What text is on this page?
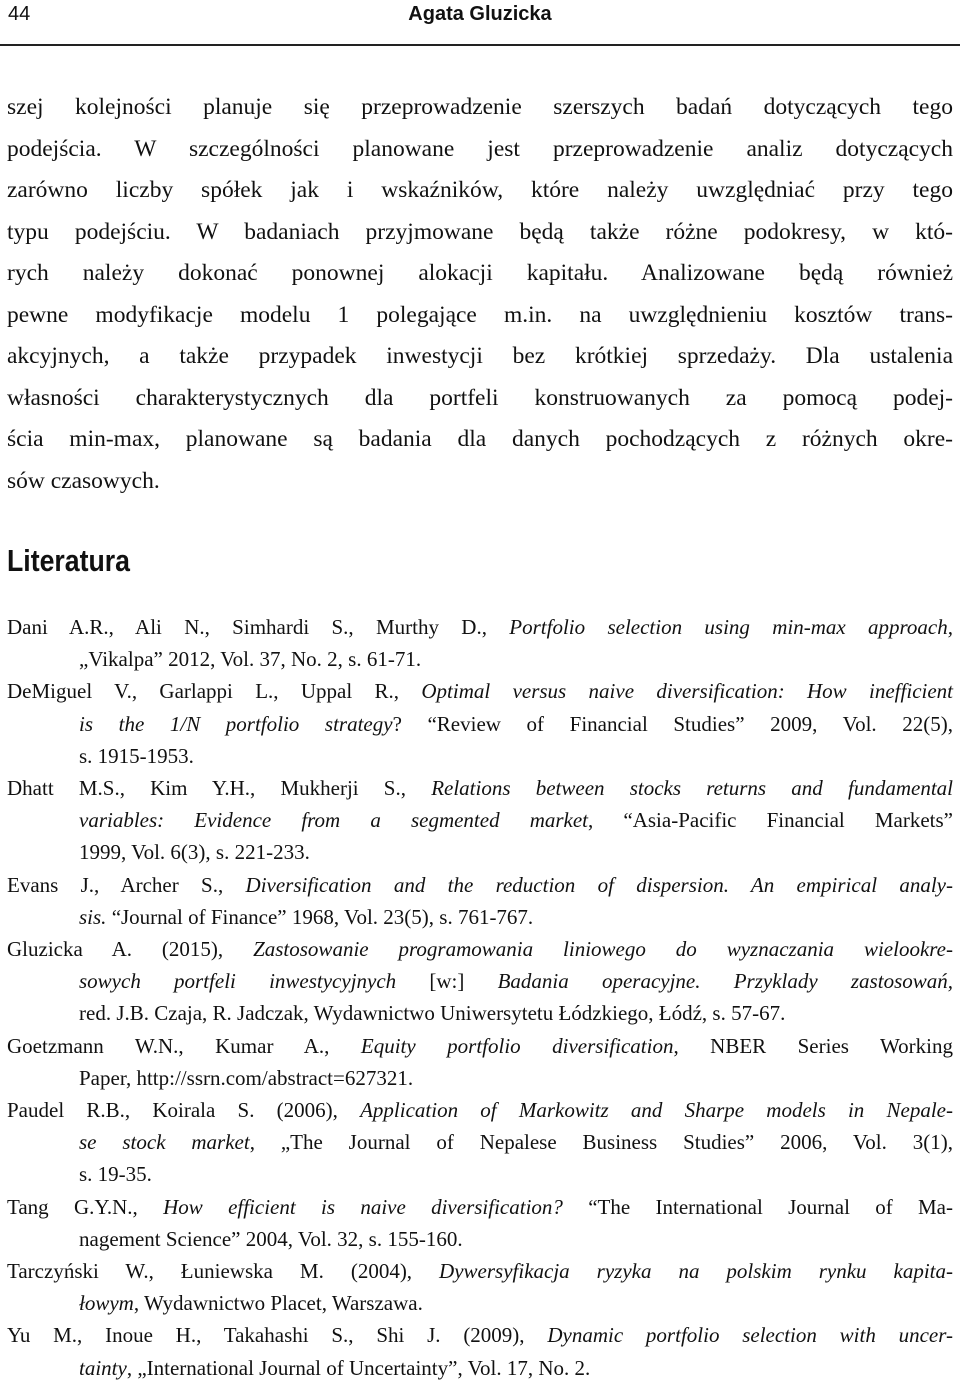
44	Agata Gluzicka
szej kolejności planuje się przeprowadzenie szerszych badań dotyczących tego
podejścia. W szczególności planowane jest przeprowadzenie analiz dotyczących
zarówno liczby spółek jak i wskaźników, które należy uwzględniać przy tego
typu podejściu. W badaniach przyjmowane będą także różne podokresy, w któ-
rych należy dokonać ponownej alokacji kapitału. Analizowane będą również
pewne modyfikacje modelu 1 polegające m.in. na uwzględnieniu kosztów trans-
akcyjnych, a także przypadek inwestycji bez krótkiej sprzedaży. Dla ustalenia
własności charakterystycznych dla portfeli konstruowanych za pomocą podej-
ścia min-max, planowane są badania dla danych pochodzących z różnych okre-
sów czasowych.
Literatura
Dani A.R., Ali N., Simhardi S., Murthy D., Portfolio selection using min-max approach,
„Vikalpa” 2012, Vol. 37, No. 2, s. 61-71.
DeMiguel V., Garlappi L., Uppal R., Optimal versus naive diversification: How inefficient
is the 1/N portfolio strategy? “Review of Financial Studies” 2009, Vol. 22(5),
s. 1915-1953.
Dhatt M.S., Kim Y.H., Mukherji S., Relations between stocks returns and fundamental
variables: Evidence from a segmented market, “Asia-Pacific Financial Markets”
1999, Vol. 6(3), s. 221-233.
Evans J., Archer S., Diversification and the reduction of dispersion. An empirical analy-
sis. “Journal of Finance” 1968, Vol. 23(5), s. 761-767.
Gluzicka A. (2015), Zastosowanie programowania liniowego do wyznaczania wielookre-
sowych portfeli inwestycyjnych [w:] Badania operacyjne. Przyklady zastosowań,
red. J.B. Czaja, R. Jadczak, Wydawnictwo Uniwersytetu Łódzkiego, Łódź, s. 57-67.
Goetzmann W.N., Kumar A., Equity portfolio diversification, NBER Series Working
Paper, http://ssrn.com/abstract=627321.
Paudel R.B., Koirala S. (2006), Application of Markowitz and Sharpe models in Nepale-
se stock market, „The Journal of Nepalese Business Studies” 2006, Vol. 3(1),
s. 19-35.
Tang G.Y.N., How efficient is naive diversification? “The International Journal of Ma-
nagement Science” 2004, Vol. 32, s. 155-160.
Tarczyński W., Łuniewska M. (2004), Dywersyfikacja ryzyka na polskim rynku kapita-
łowym, Wydawnictwo Placet, Warszawa.
Yu M., Inoue H., Takahashi S., Shi J. (2009), Dynamic portfolio selection with uncer-
tainty, „International Journal of Uncertainty”, Vol. 17, No. 2.
